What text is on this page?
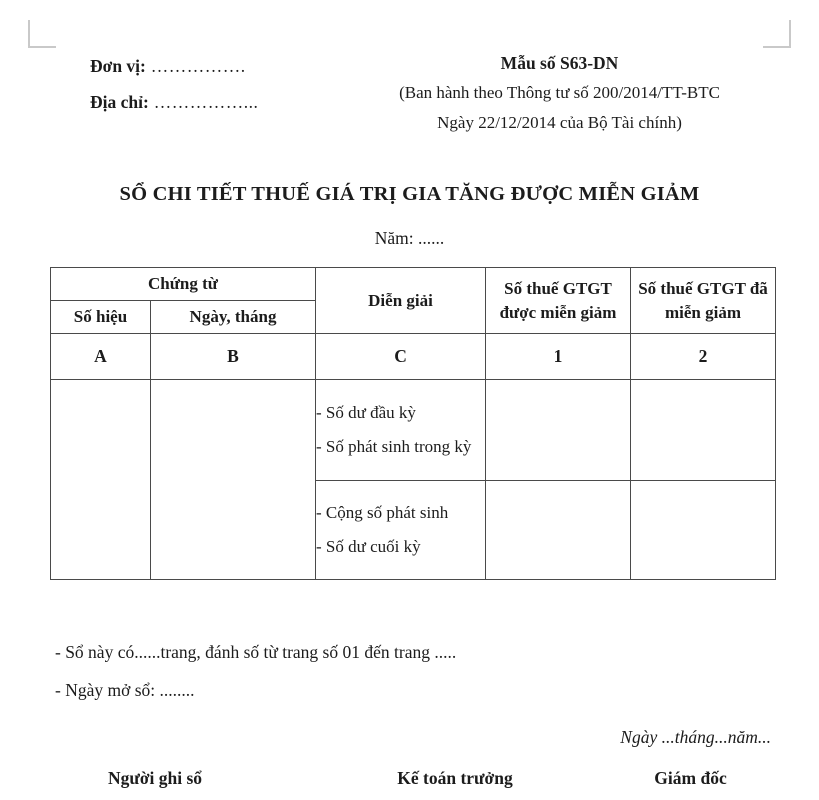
Đơn vị: …………….
Địa chỉ: ……………...
Mẫu số S63-DN
(Ban hành theo Thông tư số 200/2014/TT-BTC
Ngày 22/12/2014 của Bộ Tài chính)
SỔ CHI TIẾT THUẾ GIÁ TRỊ GIA TĂNG ĐƯỢC MIỄN GIẢM
Năm: ......
Chứng từ		Diễn giải	Số thuế GTGT được miễn giảm	Số thuế GTGT đã miễn giảm
Số hiệu	Ngày, tháng			
A	B	C	1	2

		- Số dư đầu kỳ
- Số phát sinh trong kỳ		

		- Cộng số phát sinh
- Số dư cuối kỳ		

- Sổ này có......trang, đánh số từ trang số 01 đến trang .....
- Ngày mở sổ: ........
Ngày ...tháng...năm...
Người ghi sổ	Kế toán trưởng	Giám đốc
